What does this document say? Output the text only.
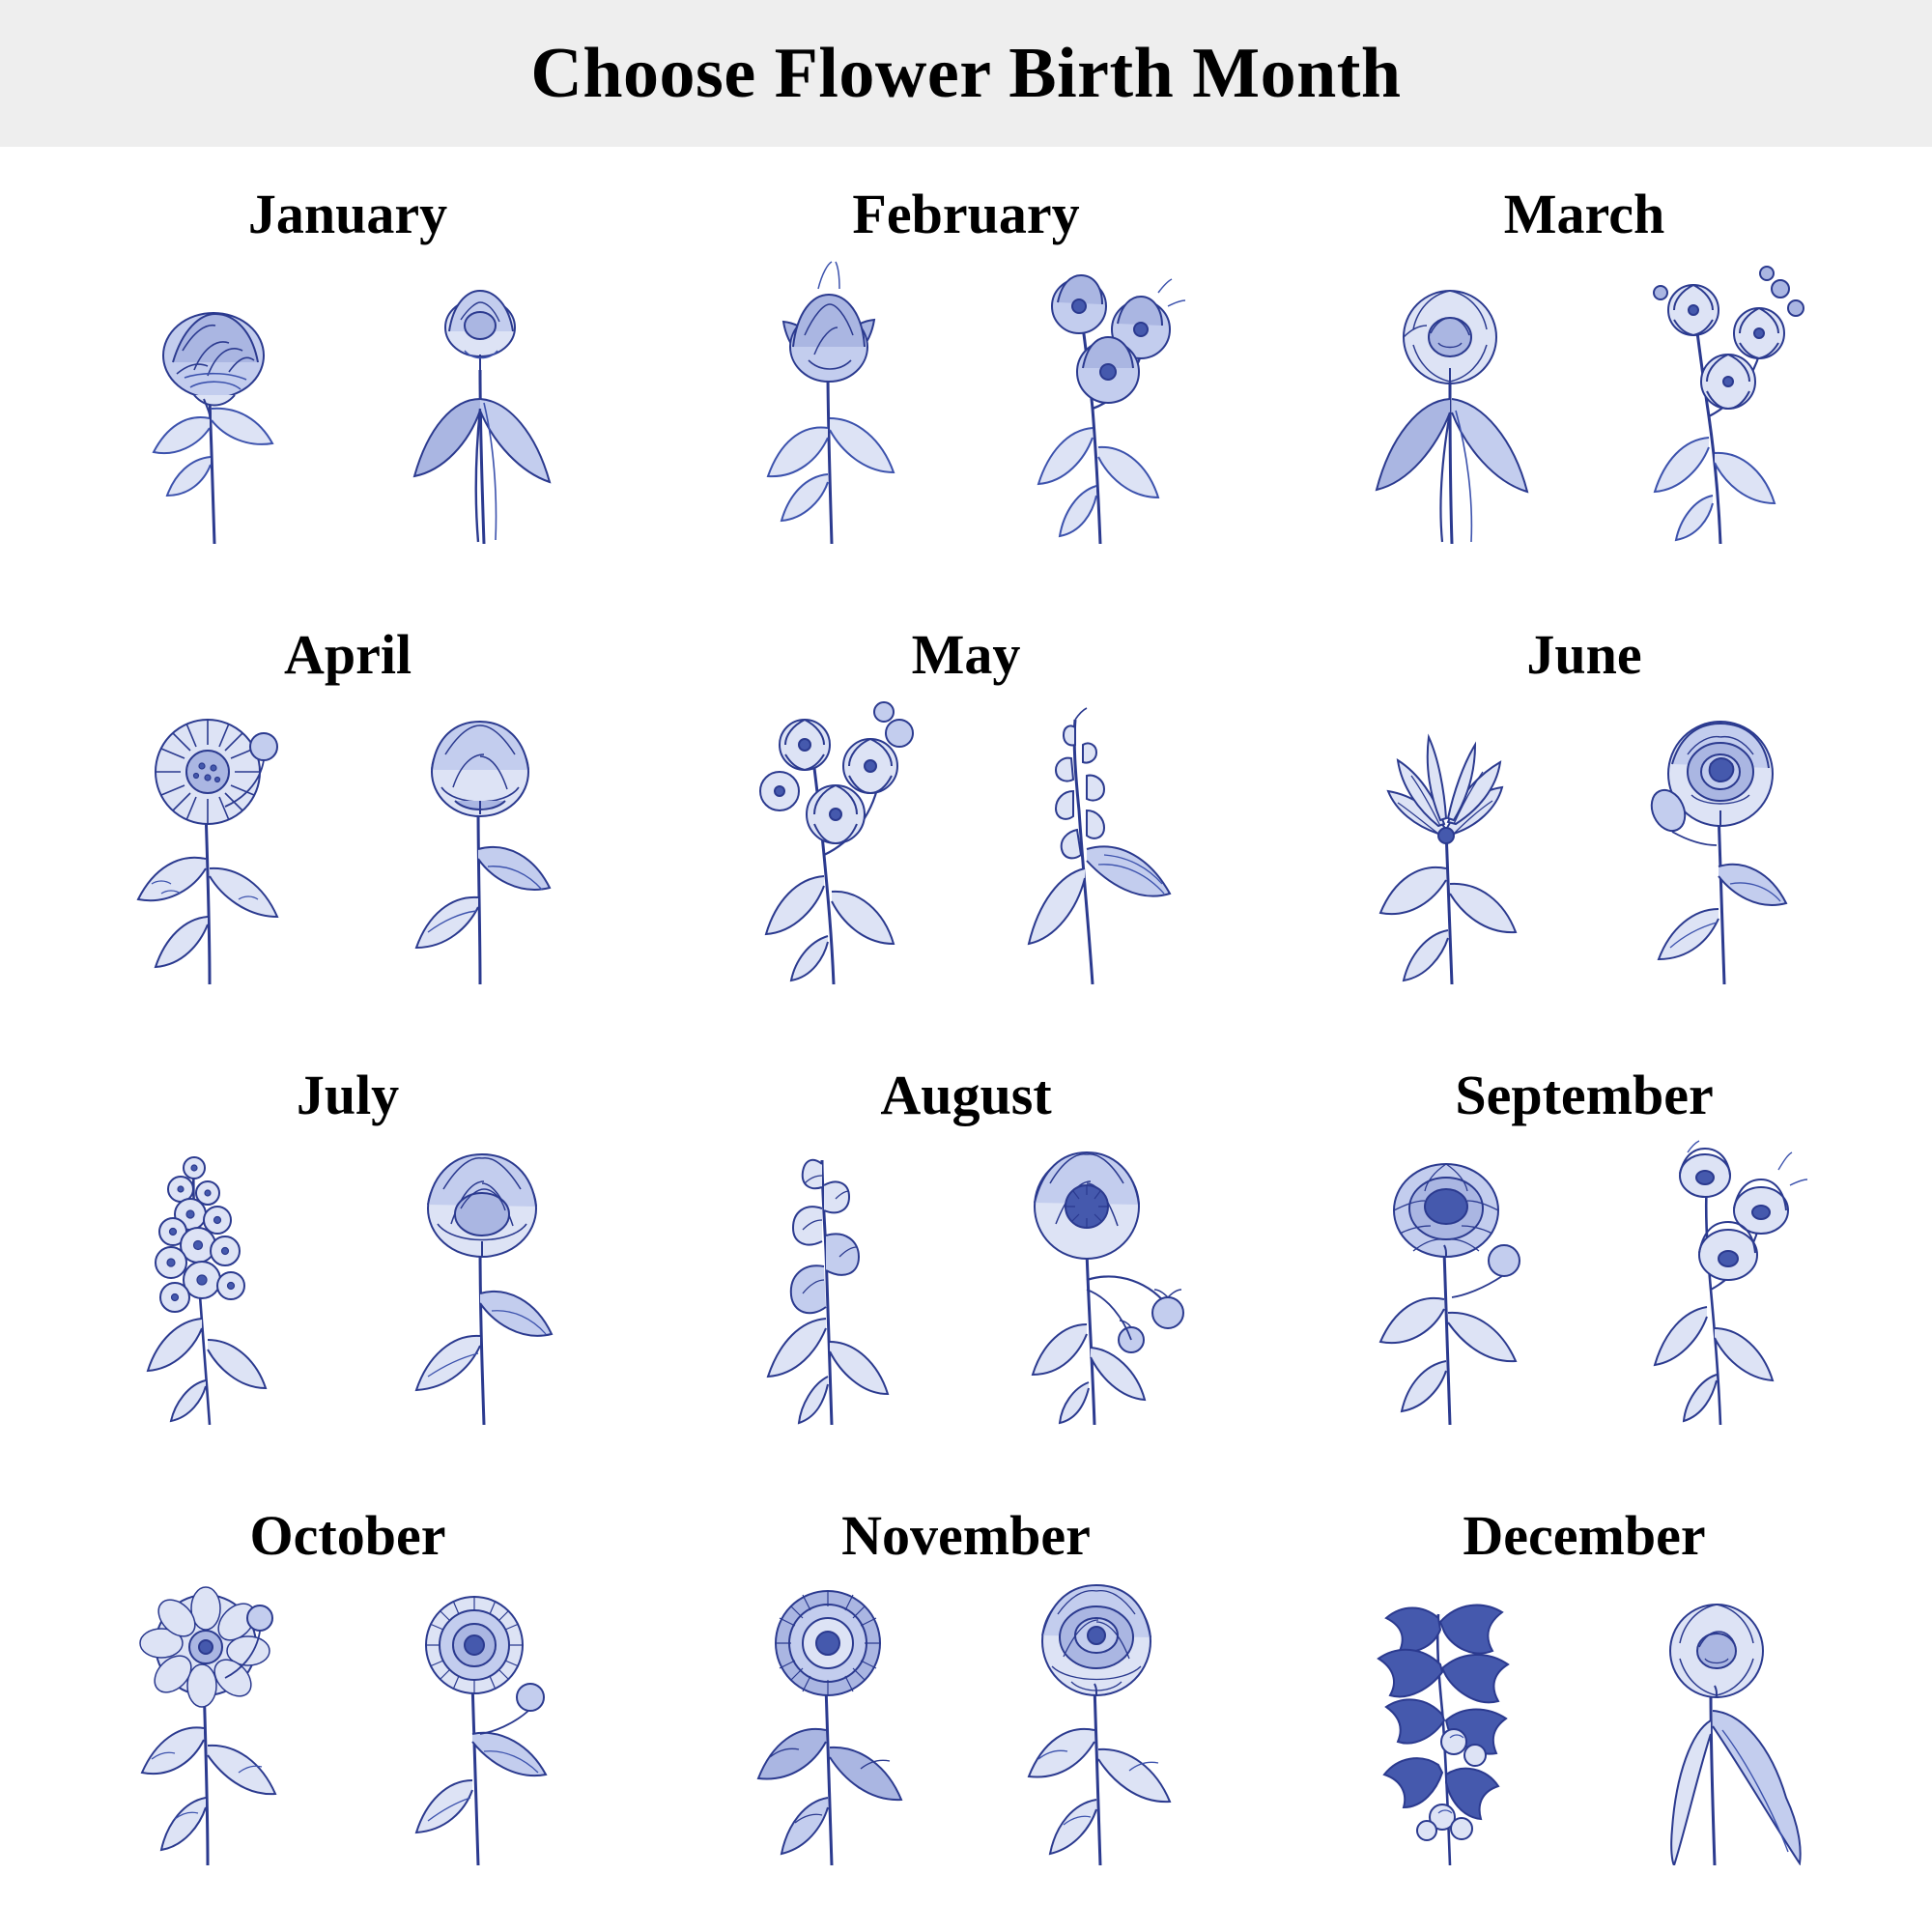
Choose Flower Birth Month
January	February	March
April	May	June
July	August	September
October	November	December
